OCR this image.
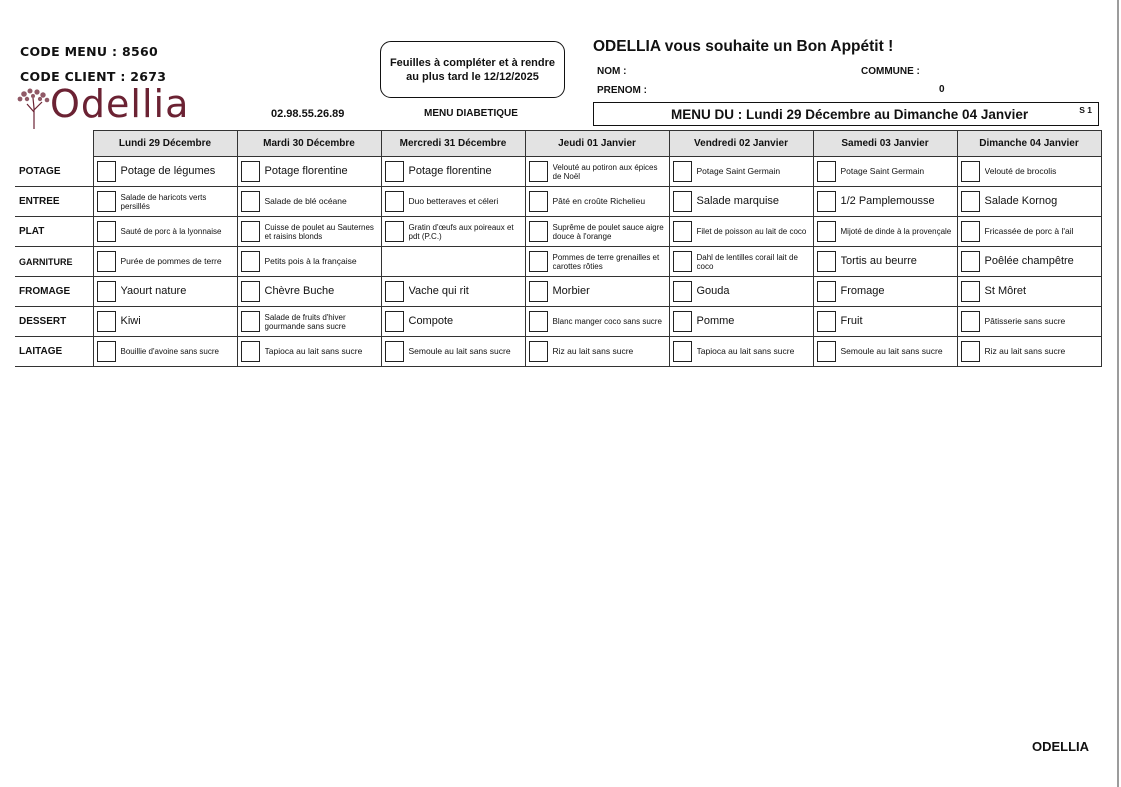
CODE MENU : 8560
CODE CLIENT : 2673
Odellia	02.98.55.26.89	MENU DIABETIQUE
Feuilles à compléter et à rendre
au plus tard le 12/12/2025
ODELLIA vous souhaite un Bon Appétit !
NOM :
PRENOM :
COMMUNE :
0
MENU DU : Lundi 29 Décembre au Dimanche 04 Janvier	S 1
	Lundi 29 Décembre	Mardi 30 Décembre	Mercredi 31 Décembre	Jeudi 01 Janvier	Vendredi 02 Janvier	Samedi 03 Janvier	Dimanche 04 Janvier
POTAGE	Potage de légumes	Potage florentine	Potage florentine	Velouté au potiron aux épices de Noël	Potage Saint Germain	Potage Saint Germain	Velouté de brocolis

ENTREE	Salade de haricots verts persillés	Salade de blé océane	Duo betteraves et céleri	Pâté en croûte Richelieu	Salade marquise	1/2 Pamplemousse	Salade Kornog

PLAT	Sauté de porc à la lyonnaise	Cuisse de poulet au Sauternes et raisins blonds	Gratin d'œufs aux poireaux et pdt (P.C.)	Suprême de poulet sauce aigre douce à l'orange	Filet de poisson au lait de coco	Mijoté de dinde à la provençale	Fricassée de porc à l'ail

GARNITURE	Purée de pommes de terre	Petits pois à la française		Pommes de terre grenailles et carottes rôties	Dahl de lentilles corail lait de coco	Tortis au beurre	Poêlée champêtre

FROMAGE	Yaourt nature	Chèvre Buche	Vache qui rit	Morbier	Gouda	Fromage	St Môret

DESSERT	Kiwi	Salade de fruits d'hiver gourmande sans sucre	Compote	Blanc manger coco sans sucre	Pomme	Fruit	Pâtisserie sans sucre

LAITAGE	Bouillie d'avoine sans sucre	Tapioca au lait sans sucre	Semoule au lait sans sucre	Riz au lait sans sucre	Tapioca au lait sans sucre	Semoule au lait sans sucre	Riz au lait sans sucre
ODELLIA
